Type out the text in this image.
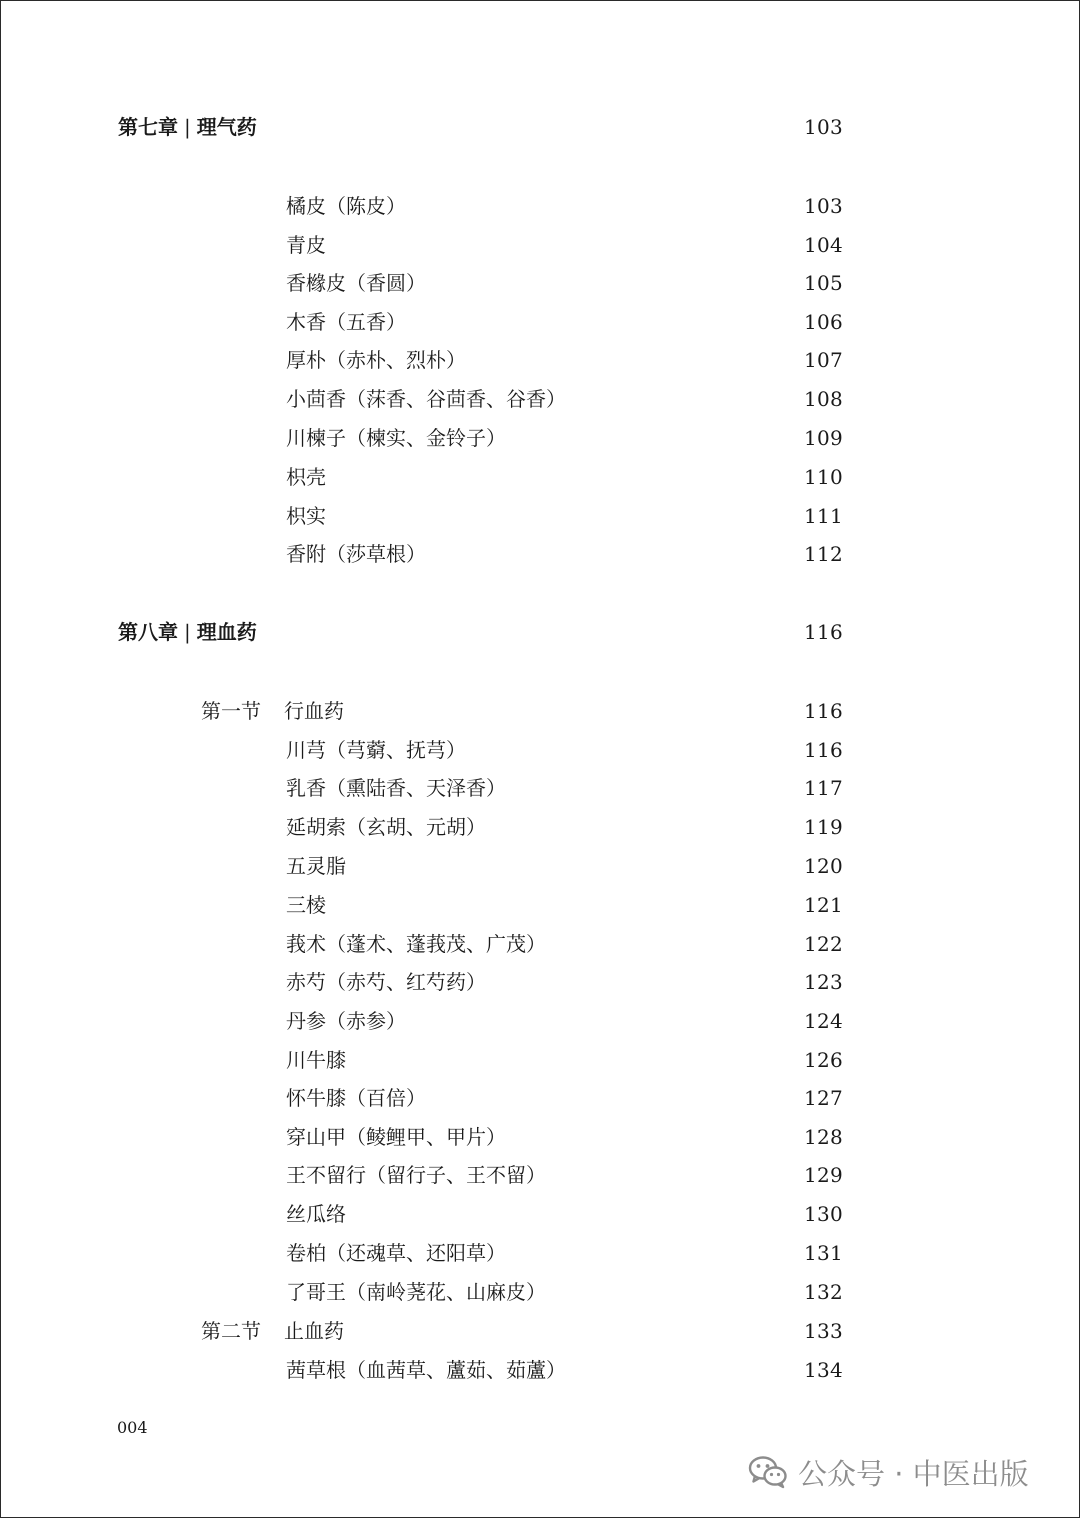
第七章 | 理气药	103
橘皮（陈皮）	103
青皮	104
香橼皮（香圆）	105
木香（五香）	106
厚朴（赤朴、烈朴）	107
小茴香（莯香、谷茴香、谷香）	108
川楝子（楝实、金铃子）	109
枳壳	110
枳实	111
香附（莎草根）	112
第八章 | 理血药	116
第一节 行血药	116
川芎（芎藭、抚芎）	116
乳香（熏陆香、天泽香）	117
延胡索（玄胡、元胡）	119
五灵脂	120
三棱	121
莪术（蓬术、蓬莪茂、广茂）	122
赤芍（赤芍、红芍药）	123
丹参（赤参）	124
川牛膝	126
怀牛膝（百倍）	127
穿山甲（鲮鲤甲、甲片）	128
王不留行（留行子、王不留）	129
丝瓜络	130
卷柏（还魂草、还阳草）	131
了哥王（南岭荛花、山麻皮）	132
第二节 止血药	133
茜草根（血茜草、蘆茹、茹蘆）	134
004
公众号 · 中医出版
